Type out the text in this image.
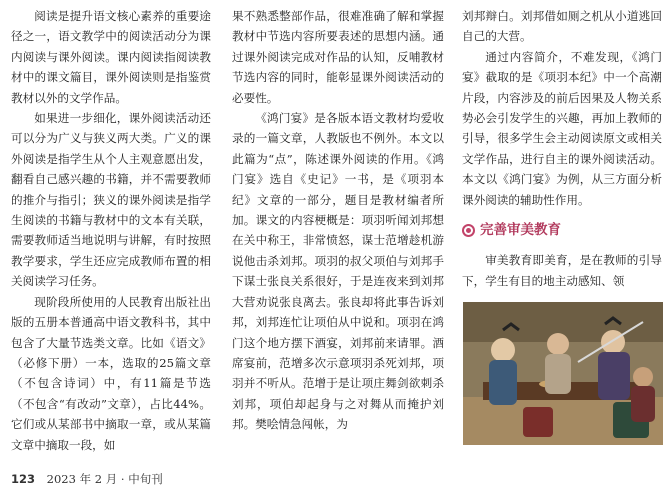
阅读是提升语文核心素养的重要途径之一，语文教学中的阅读活动分为课内阅读与课外阅读。课内阅读指阅读教材中的课文篇目，课外阅读则是指鉴赏教材以外的文学作品。

如果进一步细化，课外阅读活动还可以分为广义与狭义两大类。广义的课外阅读是指学生从个人主观意愿出发，翻看自己感兴趣的书籍，并不需要教师的推介与指引；狭义的课外阅读是指学生阅读的书籍与教材中的文本有关联，需要教师适当地说明与讲解，有时按照教学要求，学生还应完成教师布置的相关阅读学习任务。

现阶段所使用的人民教育出版社出版的五册本普通高中语文教科书，其中包含了大量节选类文章。比如《语文》（必修下册）一本，选取的25篇文章（不包含诗词）中，有11篇是节选（不包含“有改动”文章），占比44%。它们或从某部书中摘取一章，或从某篇文章中摘取一段，如

果不熟悉整部作品，很难准确了解和掌握教材中节选内容所要表述的思想内涵。通过课外阅读完成对作品的认知，反哺教材节选内容的同时，能彰显课外阅读活动的必要性。

《鸿门宴》是各版本语文教材均爱收录的一篇文章，人教版也不例外。本文以此篇为“点”，陈述课外阅读的作用。《鸿门宴》选自《史记》一书，是《项羽本纪》文章的一部分，题目是教材编者所加。课文的内容梗概是：项羽听闻刘邦想在关中称王，非常愤怒，谋士范增趁机游说他击杀刘邦。项羽的叔父项伯与刘邦手下谋士张良关系很好，于是连夜来到刘邦大营劝说张良离去。张良却将此事告诉刘邦，刘邦连忙让项伯从中说和。项羽在鸿门这个地方摆下酒宴，刘邦前来请罪。酒席宴前，范增多次示意项羽杀死刘邦，项羽并不听从。范增于是让项庄舞剑欲刺杀刘邦，项伯却起身与之对舞从而掩护刘邦。樊哙情急闯帐，为

刘邦辩白。刘邦借如厕之机从小道逃回自己的大营。

通过内容简介，不难发现，《鸿门宴》截取的是《项羽本纪》中一个高潮片段，内容涉及的前后因果及人物关系势必会引发学生的兴趣，再加上教师的引导，很多学生会主动阅读原文或相关文学作品，进行自主的课外阅读活动。本文以《鸿门宴》为例，从三方面分析课外阅读的辅助性作用。

完善审美教育

审美教育即美育，是在教师的引导下，学生有目的地主动感知、领

123 2023 年 2 月 · 中旬刊
